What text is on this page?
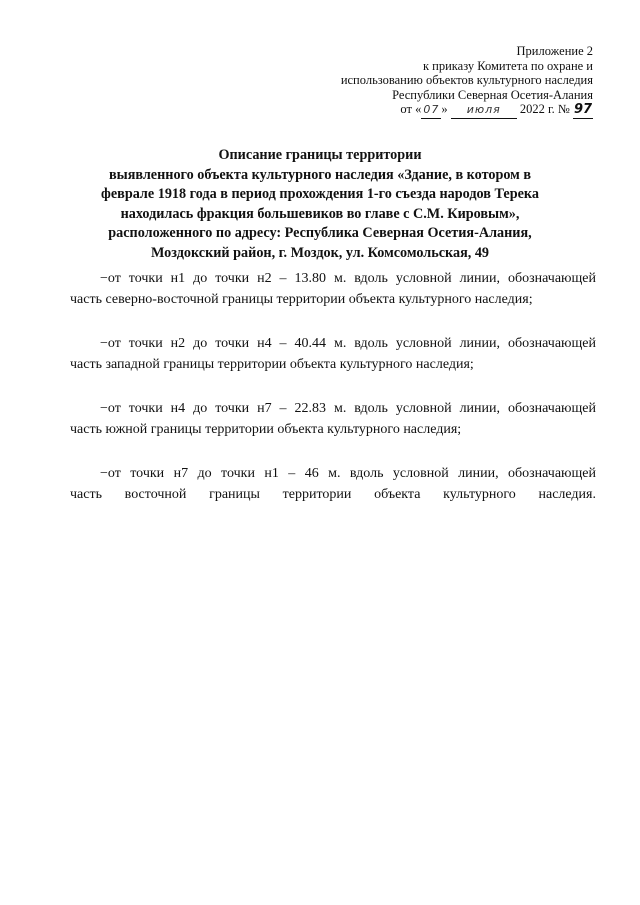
Приложение 2
к приказу Комитета по охране и
использованию объектов культурного наследия
Республики Северная Осетия-Алания
от « 07 » июля 2022 г. № 97
Описание границы территории
выявленного объекта культурного наследия «Здание, в котором в
феврале 1918 года в период прохождения 1-го съезда народов Терека
находилась фракция большевиков во главе с С.М. Кировым»,
расположенного по адресу: Республика Северная Осетия-Алания,
Моздокский район, г. Моздок, ул. Комсомольская, 49
−от точки н1 до точки н2 – 13.80 м. вдоль условной линии, обозначающей
часть северно-восточной границы территории объекта культурного наследия;
−от точки н2 до точки н4 – 40.44 м. вдоль условной линии, обозначающей
часть западной границы территории объекта культурного наследия;
−от точки н4 до точки н7 – 22.83 м. вдоль условной линии, обозначающей
часть южной границы территории объекта культурного наследия;
−от точки н7 до точки н1 – 46 м. вдоль условной линии, обозначающей
часть восточной границы территории объекта культурного наследия.
